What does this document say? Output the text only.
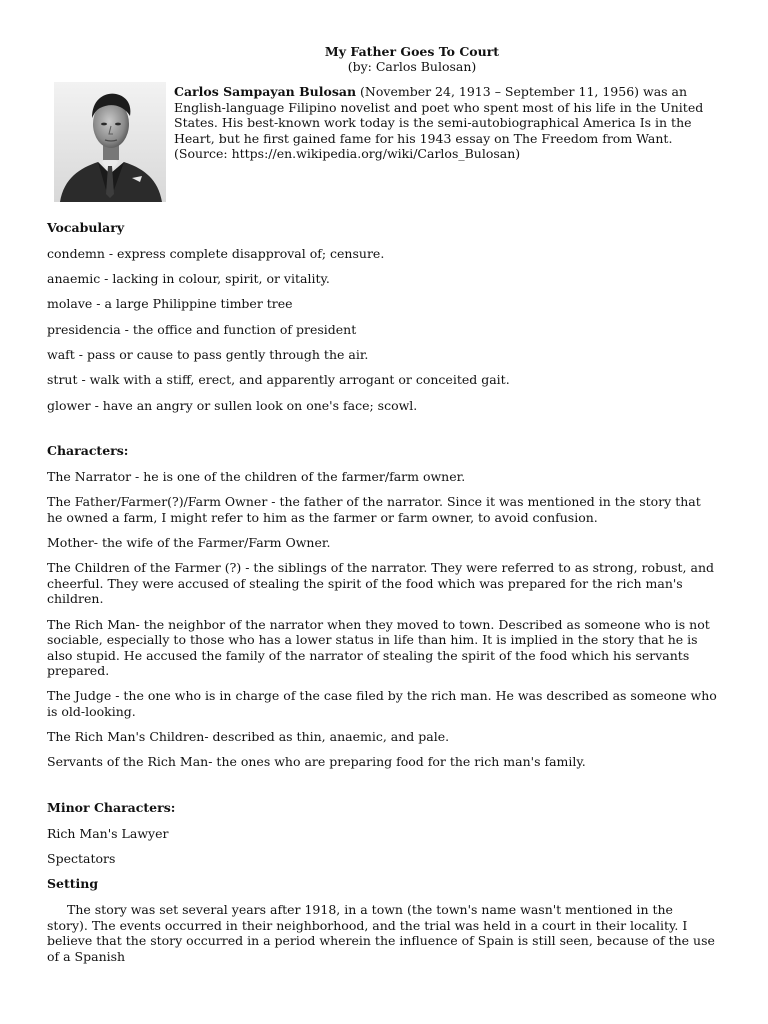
My Father Goes To Court

(by: Carlos Bulosan)

Carlos Sampayan Bulosan (November 24, 1913 – September 11, 1956) was an English-language Filipino novelist and poet who spent most of his life in the United States. His best-known work today is the semi-autobiographical America Is in the Heart, but he first gained fame for his 1943 essay on The Freedom from Want. (Source: https://en.wikipedia.org/wiki/Carlos_Bulosan)

Vocabulary

condemn - express complete disapproval of; censure.

anaemic - lacking in colour, spirit, or vitality.

molave - a large Philippine timber tree

presidencia - the office and function of president

waft - pass or cause to pass gently through the air.

strut - walk with a stiff, erect, and apparently arrogant or conceited gait.

glower - have an angry or sullen look on one's face; scowl.

Characters:

The Narrator - he is one of the children of the farmer/farm owner.

The Father/Farmer(?)/Farm Owner - the father of the narrator. Since it was mentioned in the story that he owned a farm, I might refer to him as the farmer or farm owner, to avoid confusion.

Mother- the wife of the Farmer/Farm Owner.

The Children of the Farmer (?) - the siblings of the narrator. They were referred to as strong, robust, and cheerful. They were accused of stealing the spirit of the food which was prepared for the rich man's children.

The Rich Man- the neighbor of the narrator when they moved to town. Described as someone who is not sociable, especially to those who has a lower status in life than him. It is implied in the story that he is also stupid. He accused the family of the narrator of stealing the spirit of the food which his servants prepared.

The Judge - the one who is in charge of the case filed by the rich man. He was described as someone who is old-looking.

The Rich Man's Children- described as thin, anaemic, and pale.

Servants of the Rich Man- the ones who are preparing food for the rich man's family.

Minor Characters:

Rich Man's Lawyer

Spectators

Setting

The story was set several years after 1918, in a town (the town's name wasn't mentioned in the story). The events occurred in their neighborhood, and the trial was held in a court in their locality. I believe that the story occurred in a period wherein the influence of Spain is still seen, because of the use of a Spanish
